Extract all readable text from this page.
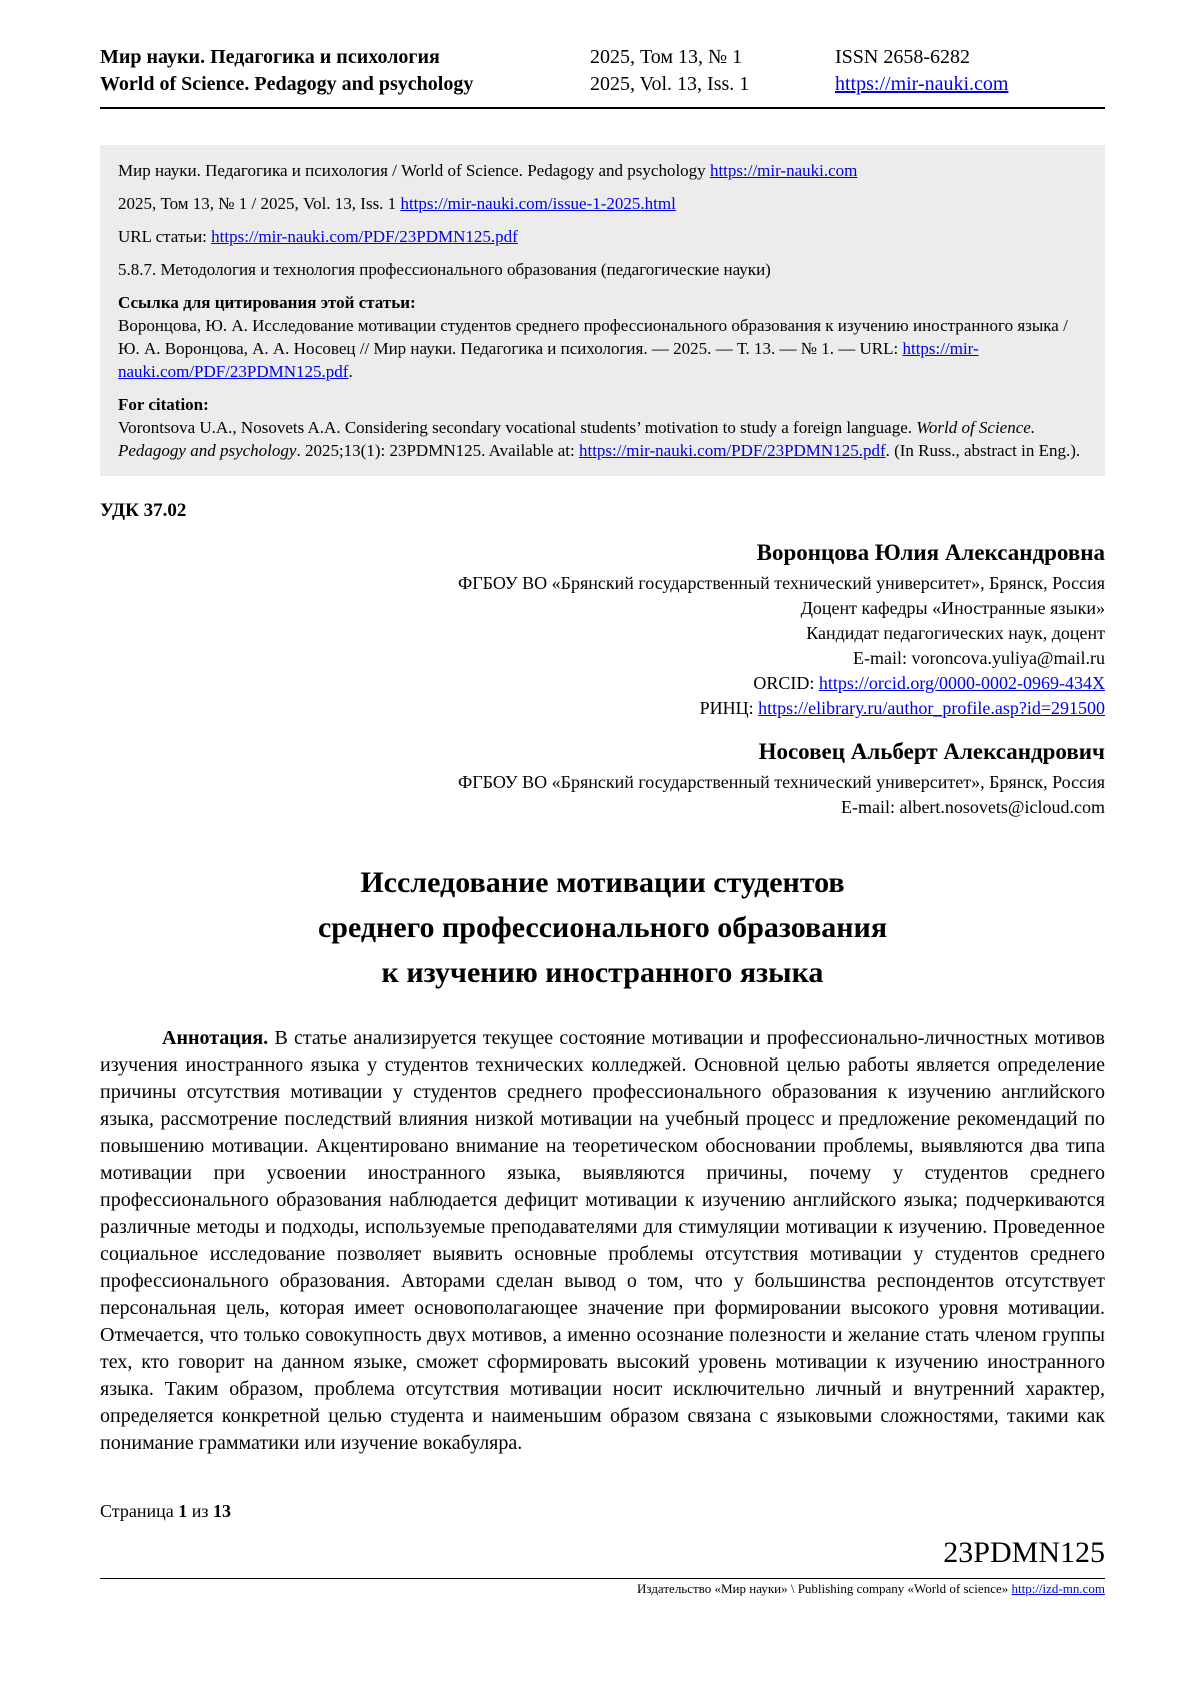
Мир науки. Педагогика и психология
World of Science. Pedagogy and psychology
2025, Том 13, № 1
2025, Vol. 13, Iss. 1
ISSN 2658-6282
https://mir-nauki.com

Мир науки. Педагогика и психология / World of Science. Pedagogy and psychology https://mir-nauki.com

2025, Том 13, № 1 / 2025, Vol. 13, Iss. 1 https://mir-nauki.com/issue-1-2025.html

URL статьи: https://mir-nauki.com/PDF/23PDMN125.pdf

5.8.7. Методология и технология профессионального образования (педагогические науки)

Ссылка для цитирования этой статьи:
Воронцова, Ю. А. Исследование мотивации студентов среднего профессионального образования к изучению иностранного языка / Ю. А. Воронцова, А. А. Носовец // Мир науки. Педагогика и психология. — 2025. — Т. 13. — № 1. — URL: https://mir-nauki.com/PDF/23PDMN125.pdf.

For citation:
Vorontsova U.A., Nosovets A.A. Considering secondary vocational students’ motivation to study a foreign language. World of Science. Pedagogy and psychology. 2025;13(1): 23PDMN125. Available at: https://mir-nauki.com/PDF/23PDMN125.pdf. (In Russ., abstract in Eng.).

УДК 37.02
Воронцова Юлия Александровна
ФГБОУ ВО «Брянский государственный технический университет», Брянск, Россия
Доцент кафедры «Иностранные языки»
Кандидат педагогических наук, доцент
E-mail: voroncova.yuliya@mail.ru
ORCID: https://orcid.org/0000-0002-0969-434X
РИНЦ: https://elibrary.ru/author_profile.asp?id=291500
Носовец Альберт Александрович
ФГБОУ ВО «Брянский государственный технический университет», Брянск, Россия
E-mail: albert.nosovets@icloud.com
Исследование мотивации студентов
среднего профессионального образования
к изучению иностранного языка

Аннотация. В статье анализируется текущее состояние мотивации и профессионально-личностных мотивов изучения иностранного языка у студентов технических колледжей. Основной целью работы является определение причины отсутствия мотивации у студентов среднего профессионального образования к изучению английского языка, рассмотрение последствий влияния низкой мотивации на учебный процесс и предложение рекомендаций по повышению мотивации. Акцентировано внимание на теоретическом обосновании проблемы, выявляются два типа мотивации при усвоении иностранного языка, выявляются причины, почему у студентов среднего профессионального образования наблюдается дефицит мотивации к изучению английского языка; подчеркиваются различные методы и подходы, используемые преподавателями для стимуляции мотивации к изучению. Проведенное социальное исследование позволяет выявить основные проблемы отсутствия мотивации у студентов среднего профессионального образования. Авторами сделан вывод о том, что у большинства респондентов отсутствует персональная цель, которая имеет основополагающее значение при формировании высокого уровня мотивации. Отмечается, что только совокупность двух мотивов, а именно осознание полезности и желание стать членом группы тех, кто говорит на данном языке, сможет сформировать высокий уровень мотивации к изучению иностранного языка. Таким образом, проблема отсутствия мотивации носит исключительно личный и внутренний характер, определяется конкретной целью студента и наименьшим образом связана с языковыми сложностями, такими как понимание грамматики или изучение вокабуляра.

Страница 1 из 13
23PDMN125
Издательство «Мир науки» \ Publishing company «World of science» http://izd-mn.com
